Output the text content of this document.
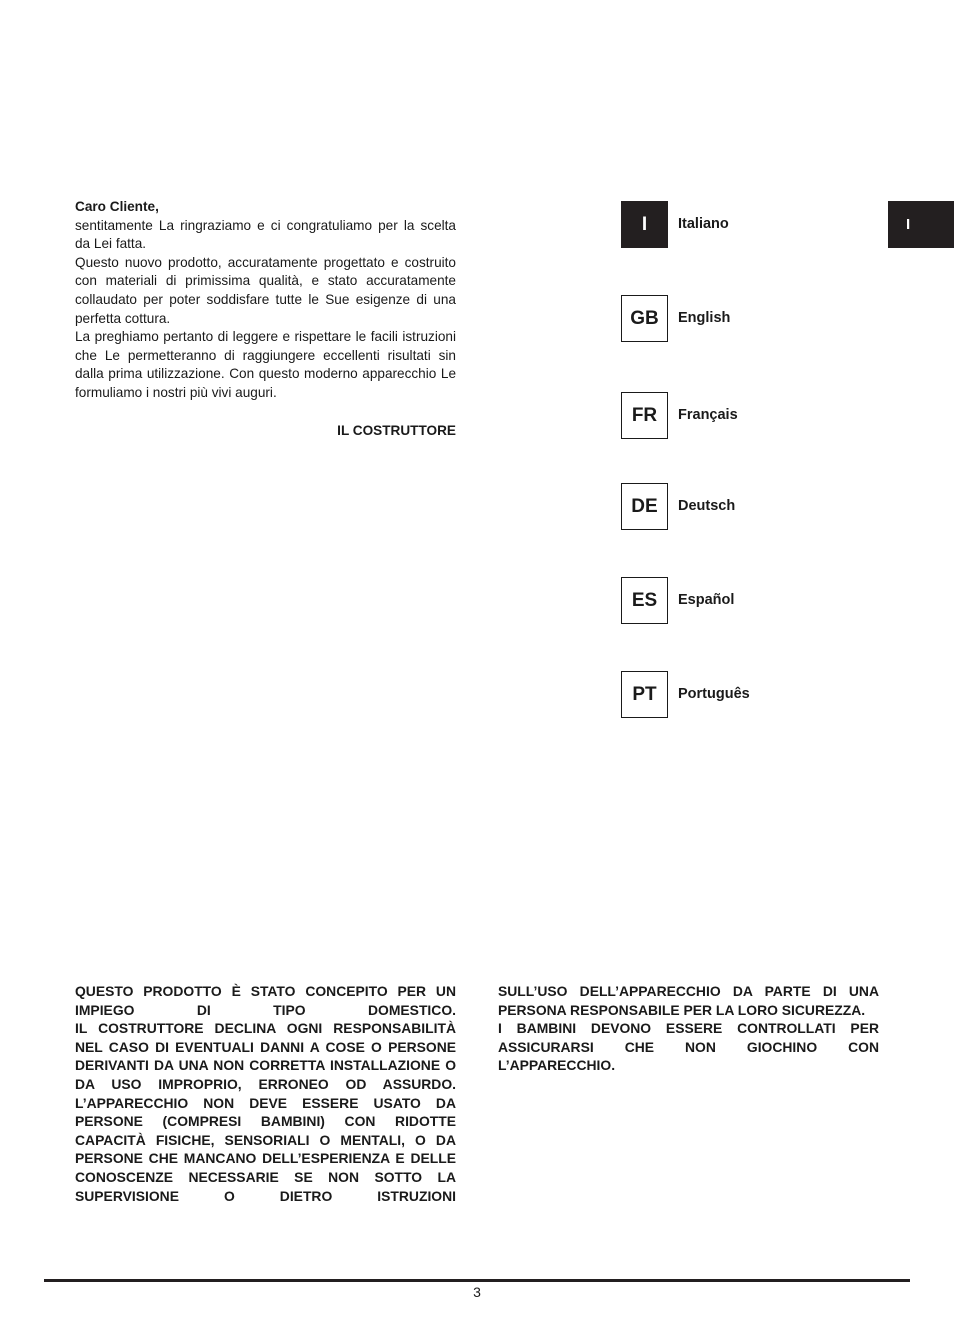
Caro Cliente,

sentitamente La ringraziamo e ci congratuliamo per la scelta da Lei fatta.

Questo nuovo prodotto, accuratamente progettato e costruito con materiali di primissima qualità, e stato accuratamente collaudato per poter soddisfare tutte le Sue esigenze di una perfetta cottura.

La preghiamo pertanto di leggere e rispettare le facili istruzioni che Le permetteranno di raggiungere eccellenti risultati sin dalla prima utilizzazione. Con questo moderno apparecchio Le formuliamo i nostri più vivi auguri.

IL COSTRUTTORE
I	Italiano
GB	English
FR	Français
DE	Deutsch
ES	Español
PT	Português
I

QUESTO PRODOTTO È STATO CONCEPITO PER UN IMPIEGO DI TIPO DOMESTICO.

IL COSTRUTTORE DECLINA OGNI RESPONSABILITÀ NEL CASO DI EVENTUALI DANNI A COSE O PERSONE DERIVANTI DA UNA NON CORRETTA INSTALLAZIONE O DA USO IMPROPRIO, ERRONEO OD ASSURDO.

L’APPARECCHIO NON DEVE ESSERE USATO DA PERSONE (COMPRESI BAMBINI) CON RIDOTTE CAPACITÀ FISICHE, SENSORIALI O MENTALI, O DA PERSONE CHE MANCANO DELL’ESPERIENZA E DELLE CONOSCENZE NECESSARIE SE NON SOTTO LA SUPERVISIONE O DIETRO ISTRUZIONI

SULL’USO DELL’APPARECCHIO DA PARTE DI UNA PERSONA RESPONSABILE PER LA LORO SICUREZZA.

I BAMBINI DEVONO ESSERE CONTROLLATI PER ASSICURARSI CHE NON GIOCHINO CON L’APPARECCHIO.

3
